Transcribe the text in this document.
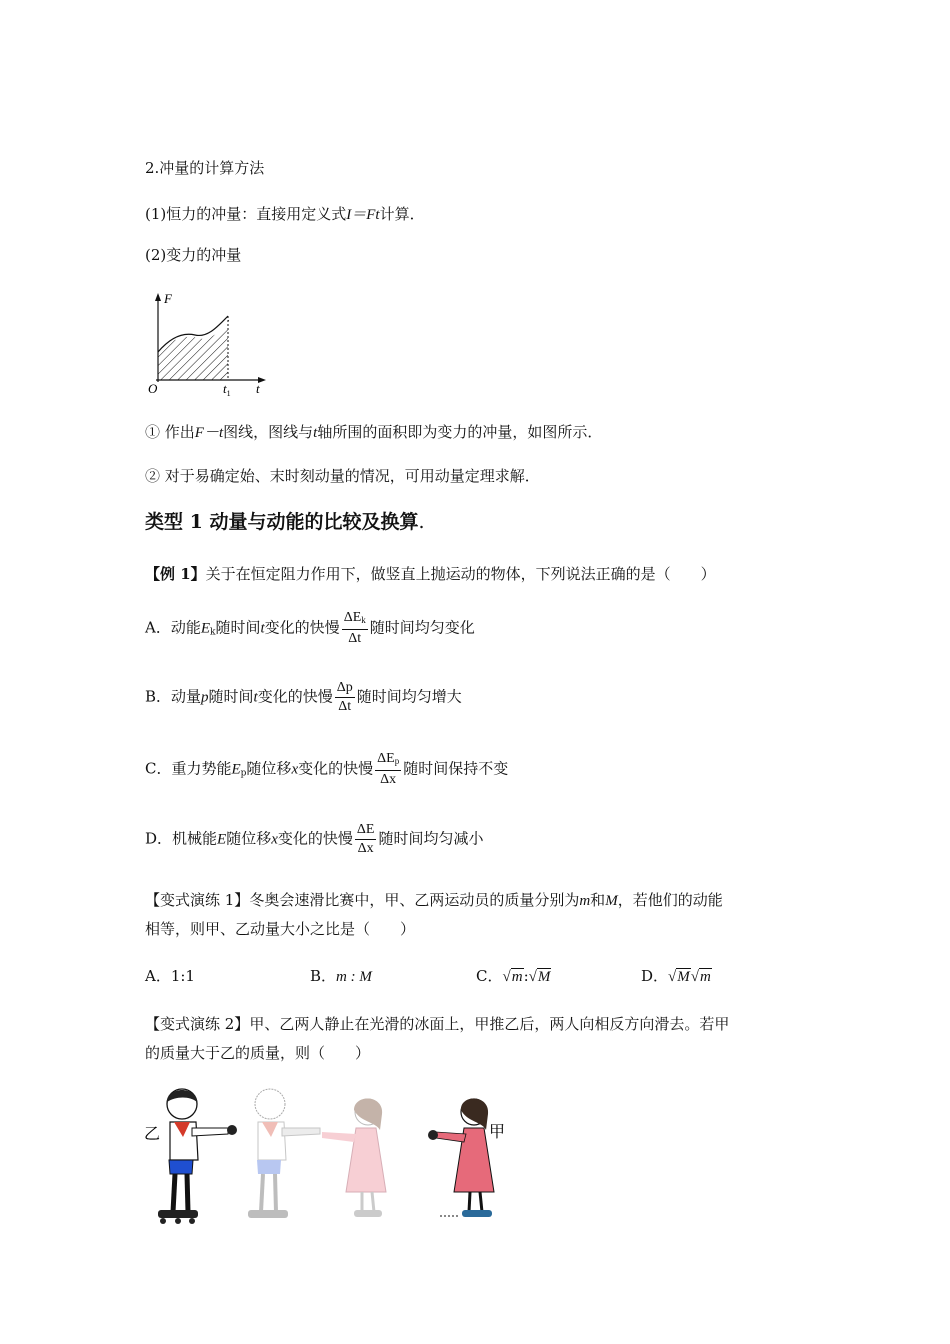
2.冲量的计算方法
(1)恒力的冲量：直接用定义式I＝Ft计算．
(2)变力的冲量
F
O	$t_1$ t
① 作出F－t图线，图线与t轴所围的面积即为变力的冲量，如图所示．
② 对于易确定始、末时刻动量的情况，可用动量定理求解．
类型 1 动量与动能的比较及换算.
【例 1】关于在恒定阻力作用下，做竖直上抛运动的物体，下列说法正确的是（　　）
A．动能$E_k$随时间t变化的快慢 $\frac{\Delta E_k}{\Delta t}$ 随时间均匀变化
B．动量p随时间t变化的快慢 $\frac{\Delta p}{\Delta t}$ 随时间均匀增大
C．重力势能$E_p$随位移x变化的快慢 $\frac{\Delta E_p}{\Delta x}$ 随时间保持不变
D．机械能E随位移x变化的快慢 $\frac{\Delta E}{\Delta x}$ 随时间均匀减小
【变式演练 1】冬奥会速滑比赛中，甲、乙两运动员的质量分别为m和M，若他们的动能
相等，则甲、乙动量大小之比是（　　）
A．1:1	B．m : M	C．√m:√M	D．√M√m
【变式演练 2】甲、乙两人静止在光滑的冰面上，甲推乙后，两人向相反方向滑去。若甲
的质量大于乙的质量，则（　　）
乙	甲
